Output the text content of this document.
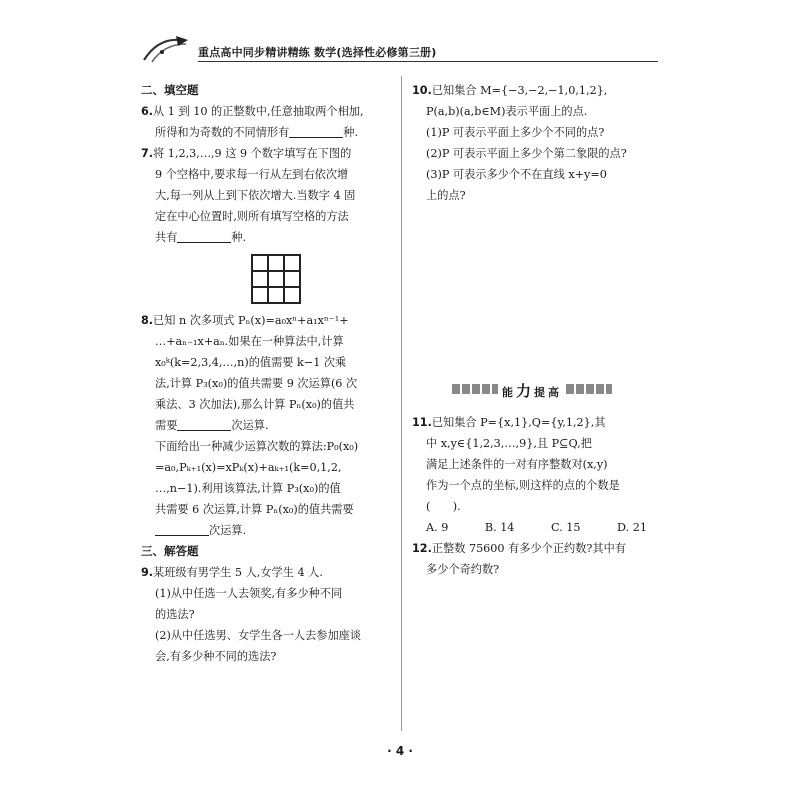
重点高中同步精讲精练 数学(选择性必修第三册)

二、填空题

6.从 1 到 10 的正整数中,任意抽取两个相加,
所得和为奇数的不同情形有	种.

7.将 1,2,3,…,9 这 9 个数字填写在下图的
9 个空格中,要求每一行从左到右依次增
大,每一列从上到下依次增大.当数字 4 固
定在中心位置时,则所有填写空格的方法
共有	种.

8.已知 n 次多项式 Pₙ(x)=a₀xⁿ+a₁xⁿ⁻¹+
…+aₙ₋₁x+aₙ.如果在一种算法中,计算
x₀ᵏ(k=2,3,4,…,n)的值需要 k−1 次乘
法,计算 P₃(x₀)的值共需要 9 次运算(6 次
乘法、3 次加法),那么计算 Pₙ(x₀)的值共
需要	次运算.
下面给出一种减少运算次数的算法:P₀(x₀)
=a₀,Pₖ₊₁(x)=xPₖ(x)+aₖ₊₁(k=0,1,2,
…,n−1).利用该算法,计算 P₃(x₀)的值
共需要 6 次运算,计算 Pₙ(x₀)的值共需要
次运算.

三、解答题

9.某班级有男学生 5 人,女学生 4 人.
(1)从中任选一人去领奖,有多少种不同
的选法?
(2)从中任选男、女学生各一人去参加座谈
会,有多少种不同的选法?

10.已知集合 M={−3,−2,−1,0,1,2},
P(a,b)(a,b∈M)表示平面上的点.
(1)P 可表示平面上多少个不同的点?
(2)P 可表示平面上多少个第二象限的点?
(3)P 可表示多少个不在直线 x+y=0
上的点?

能力提高

11.已知集合 P={x,1},Q={y,1,2},其
中 x,y∈{1,2,3,…,9},且 P⊆Q,把
满足上述条件的一对有序整数对(x,y)
作为一个点的坐标,则这样的点的个数是
(　　).

A. 9	B. 14	C. 15	D. 21

12.正整数 75600 有多少个正约数?其中有
多少个奇约数?

· 4 ·
